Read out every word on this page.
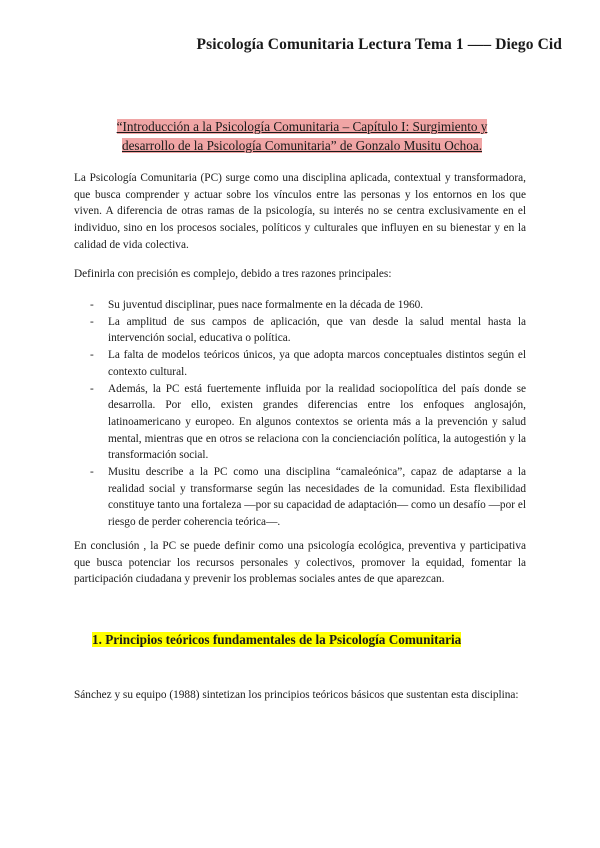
Psicología Comunitaria Lectura Tema 1 ––– Diego Cid
“Introducción a la Psicología Comunitaria – Capítulo I: Surgimiento y
desarrollo de la Psicología Comunitaria” de Gonzalo Musitu Ochoa.
La Psicología Comunitaria (PC) surge como una disciplina aplicada, contextual y transformadora, que busca comprender y actuar sobre los vínculos entre las personas y los entornos en los que viven. A diferencia de otras ramas de la psicología, su interés no se centra exclusivamente en el individuo, sino en los procesos sociales, políticos y culturales que influyen en su bienestar y en la calidad de vida colectiva.
Definirla con precisión es complejo, debido a tres razones principales:
- Su juventud disciplinar, pues nace formalmente en la década de 1960.
- La amplitud de sus campos de aplicación, que van desde la salud mental hasta la intervención social, educativa o política.
- La falta de modelos teóricos únicos, ya que adopta marcos conceptuales distintos según el contexto cultural.
- Además, la PC está fuertemente influida por la realidad sociopolítica del país donde se desarrolla. Por ello, existen grandes diferencias entre los enfoques anglosajón, latinoamericano y europeo. En algunos contextos se orienta más a la prevención y salud mental, mientras que en otros se relaciona con la concienciación política, la autogestión y la transformación social.
- Musitu describe a la PC como una disciplina “camaleónica”, capaz de adaptarse a la realidad social y transformarse según las necesidades de la comunidad. Esta flexibilidad constituye tanto una fortaleza —por su capacidad de adaptación— como un desafío —por el riesgo de perder coherencia teórica—.
En conclusión , la PC se puede definir como una psicología ecológica, preventiva y participativa que busca potenciar los recursos personales y colectivos, promover la equidad, fomentar la participación ciudadana y prevenir los problemas sociales antes de que aparezcan.
1. Principios teóricos fundamentales de la Psicología Comunitaria
Sánchez y su equipo (1988) sintetizan los principios teóricos básicos que sustentan esta disciplina:
